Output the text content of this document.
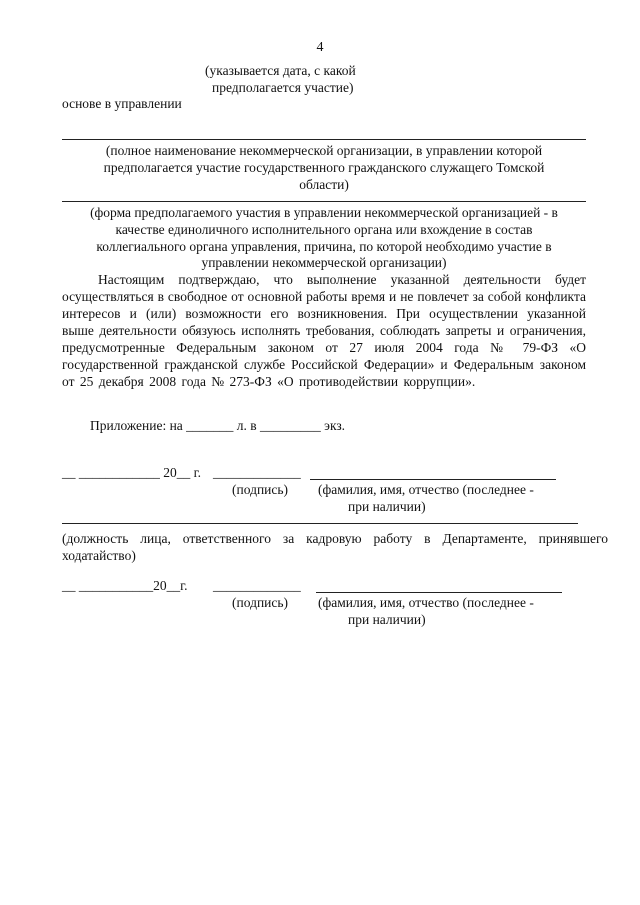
4
(указывается дата, с какой
предполагается участие)
основе в управлении
(полное наименование некоммерческой организации, в управлении которой
предполагается участие государственного гражданского служащего Томской
области)
(форма предполагаемого участия в управлении некоммерческой организацией - в
качестве единоличного исполнительного органа или вхождение в состав
коллегиального органа управления, причина, по которой необходимо участие в
управлении некоммерческой организации)
Настоящим подтверждаю, что выполнение указанной деятельности будет
осуществляться в свободное от основной работы время и не повлечет за собой конфликта
интересов и (или) возможности его возникновения. При осуществлении указанной
выше деятельности обязуюсь исполнять требования, соблюдать запреты и ограничения,
предусмотренные Федеральным законом от 27 июля 2004 года № 79-ФЗ «О
государственной гражданской службе Российской Федерации» и Федеральным законом
от 25 декабря 2008 года № 273-ФЗ «О противодействии коррупции».
Приложение: на _______ л. в _________ экз.
__ ____________ 20__ г. _____________
(подпись) (фамилия, имя, отчество (последнее -
при наличии)
(должность лица, ответственного за кадровую работу в Департаменте, принявшего
ходатайство)
__ ___________20__г. _____________
(подпись) (фамилия, имя, отчество (последнее -
при наличии)
